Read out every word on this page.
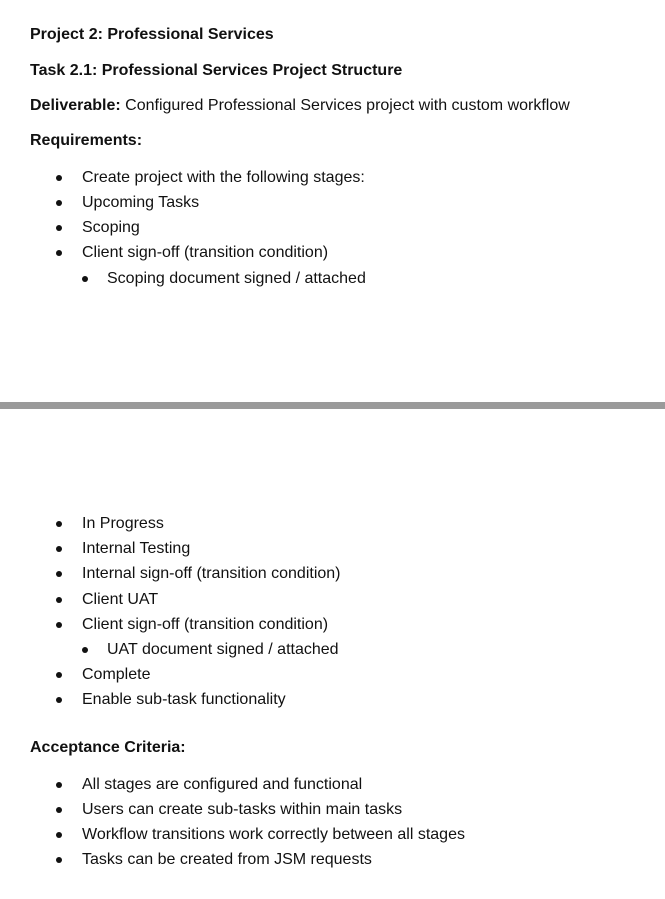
Project 2: Professional Services
Task 2.1: Professional Services Project Structure
Deliverable: Configured Professional Services project with custom workflow
Requirements:
Create project with the following stages:
Upcoming Tasks
Scoping
Client sign-off (transition condition)
Scoping document signed / attached
In Progress
Internal Testing
Internal sign-off (transition condition)
Client UAT
Client sign-off (transition condition)
UAT document signed / attached
Complete
Enable sub-task functionality
Acceptance Criteria:
All stages are configured and functional
Users can create sub-tasks within main tasks
Workflow transitions work correctly between all stages
Tasks can be created from JSM requests
